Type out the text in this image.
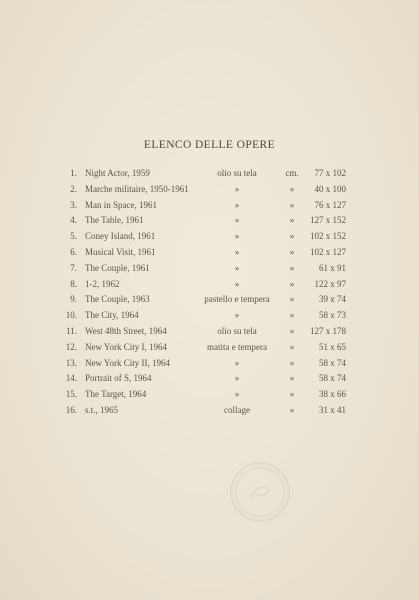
ELENCO DELLE OPERE
1. Night Actor, 1959	olio su tela	cm.	77 x 102
2. Marche militaire, 1950-1961	»	»	40 x 100
3. Man in Space, 1961	»	»	76 x 127
4. The Table, 1961	»	»	127 x 152
5. Coney Island, 1961	»	»	102 x 152
6. Musical Visit, 1961	»	»	102 x 127
7. The Couple, 1961	»	»	61 x 91
8. 1-2, 1962	»	»	122 x 97
9. The Couple, 1963	pastello e tempera	»	39 x 74
10. The City, 1964	»	»	58 x 73
11. West 48th Street, 1964	olio su tela	»	127 x 178
12. New York City I, 1964	matita e tempera	»	51 x 65
13. New York City II, 1964	»	»	58 x 74
14. Portrait of S, 1964	»	»	58 x 74
15. The Target, 1964	»	»	38 x 66
16. s.t., 1965	collage	»	31 x 41
